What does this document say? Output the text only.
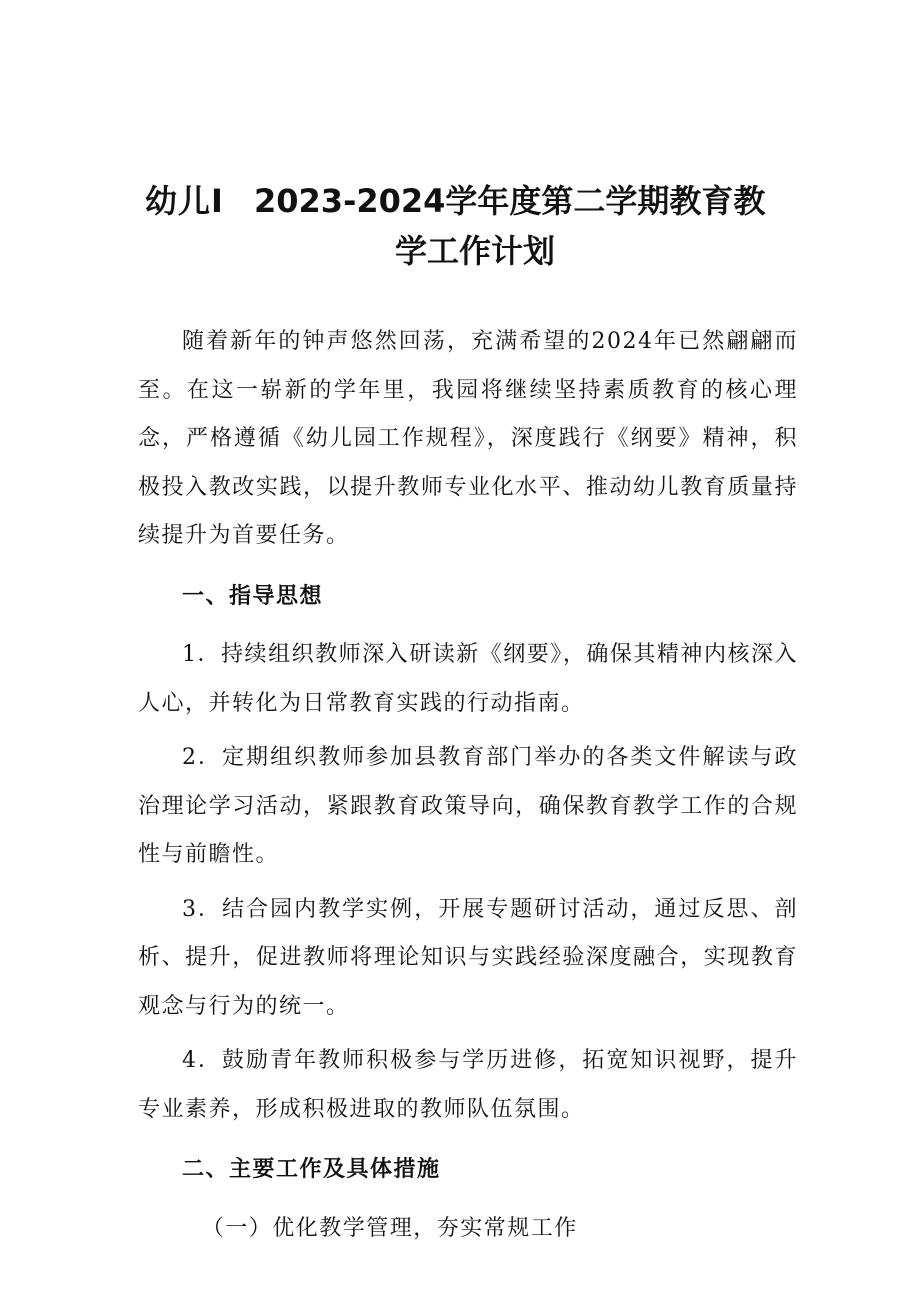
幼儿I 2023-2024学年度第二学期教育教
学工作计划

随着新年的钟声悠然回荡，充满希望的2024年已然翩翩而至。在这一崭新的学年里，我园将继续坚持素质教育的核心理念，严格遵循《幼儿园工作规程》，深度践行《纲要》精神，积极投入教改实践，以提升教师专业化水平、推动幼儿教育质量持续提升为首要任务。

一、指导思想

1．持续组织教师深入研读新《纲要》，确保其精神内核深入人心，并转化为日常教育实践的行动指南。

2．定期组织教师参加县教育部门举办的各类文件解读与政治理论学习活动，紧跟教育政策导向，确保教育教学工作的合规性与前瞻性。

3．结合园内教学实例，开展专题研讨活动，通过反思、剖析、提升，促进教师将理论知识与实践经验深度融合，实现教育观念与行为的统一。

4．鼓励青年教师积极参与学历进修，拓宽知识视野，提升专业素养，形成积极进取的教师队伍氛围。

二、主要工作及具体措施

（一）优化教学管理，夯实常规工作
